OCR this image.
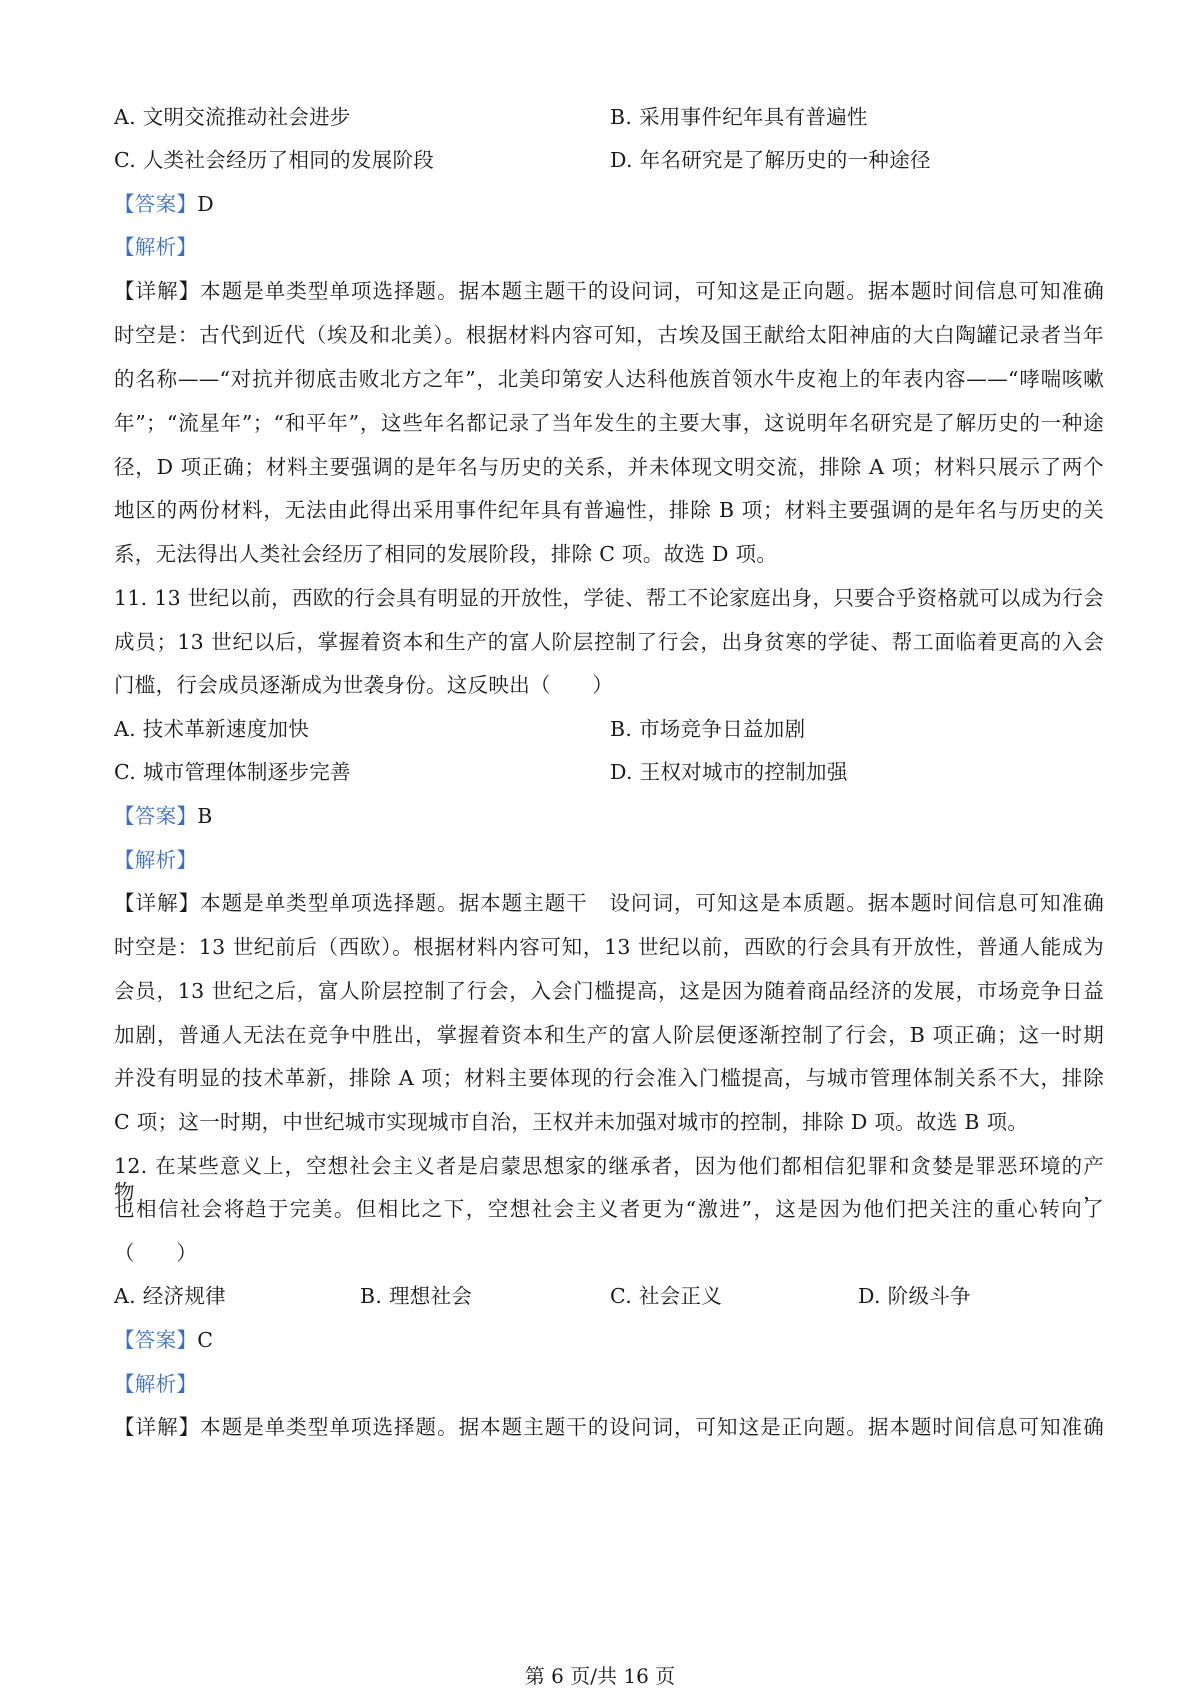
A. 文明交流推动社会进步	B. 采用事件纪年具有普遍性
C. 人类社会经历了相同的发展阶段	D. 年名研究是了解历史的一种途径
【答案】D
【解析】
【详解】本题是单类型单项选择题。据本题主题干的设问词，可知这是正向题。据本题时间信息可知准确
时空是：古代到近代（埃及和北美）。根据材料内容可知，古埃及国王献给太阳神庙的大白陶罐记录者当年
的名称——“对抗并彻底击败北方之年”，北美印第安人达科他族首领水牛皮袍上的年表内容——“哮喘咳嗽
年”；“流星年”；“和平年”，这些年名都记录了当年发生的主要大事，这说明年名研究是了解历史的一种途
径，D 项正确；材料主要强调的是年名与历史的关系，并未体现文明交流，排除 A 项；材料只展示了两个
地区的两份材料，无法由此得出采用事件纪年具有普遍性，排除 B 项；材料主要强调的是年名与历史的关
系，无法得出人类社会经历了相同的发展阶段，排除 C 项。故选 D 项。
11. 13 世纪以前，西欧的行会具有明显的开放性，学徒、帮工不论家庭出身，只要合乎资格就可以成为行会
成员；13 世纪以后，掌握着资本和生产的富人阶层控制了行会，出身贫寒的学徒、帮工面临着更高的入会
门槛，行会成员逐渐成为世袭身份。这反映出（　　）
A. 技术革新速度加快	B. 市场竞争日益加剧
C. 城市管理体制逐步完善	D. 王权对城市的控制加强
【答案】B
【解析】
【详解】本题是单类型单项选择题。据本题主题干　设问词，可知这是本质题。据本题时间信息可知准确
时空是：13 世纪前后（西欧）。根据材料内容可知，13 世纪以前，西欧的行会具有开放性，普通人能成为
会员，13 世纪之后，富人阶层控制了行会，入会门槛提高，这是因为随着商品经济的发展，市场竞争日益
加剧，普通人无法在竞争中胜出，掌握着资本和生产的富人阶层便逐渐控制了行会，B 项正确；这一时期
并没有明显的技术革新，排除 A 项；材料主要体现的行会准入门槛提高，与城市管理体制关系不大，排除
C 项；这一时期，中世纪城市实现城市自治，王权并未加强对城市的控制，排除 D 项。故选 B 项。
12. 在某些意义上，空想社会主义者是启蒙思想家的继承者，因为他们都相信犯罪和贪婪是罪恶环境的产物，
也相信社会将趋于完美。但相比之下，空想社会主义者更为“激进”，这是因为他们把关注的重心转向了
（　　）
A. 经济规律	B. 理想社会	C. 社会正义	D. 阶级斗争
【答案】C
【解析】
【详解】本题是单类型单项选择题。据本题主题干的设问词，可知这是正向题。据本题时间信息可知准确
第 6 页/共 16 页
